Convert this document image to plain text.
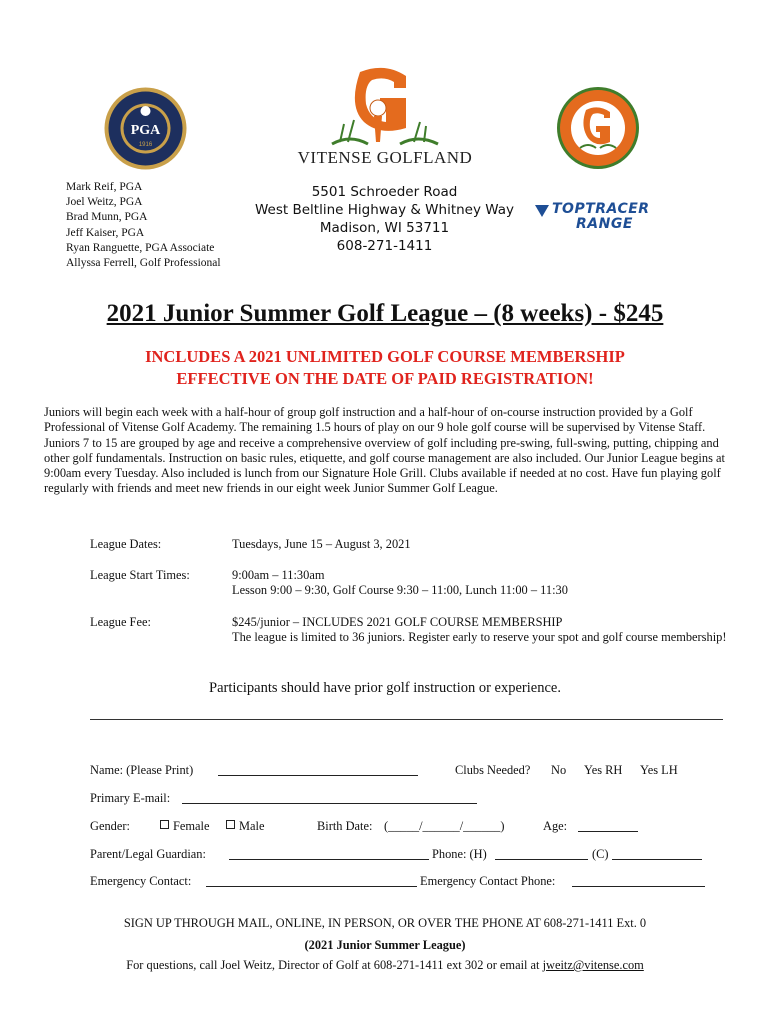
PGA
1916
VITENSE GOLFLAND
TOPTRACER
RANGE
Mark Reif, PGA
Joel Weitz, PGA
Brad Munn, PGA
Jeff Kaiser, PGA
Ryan Ranguette, PGA Associate
Allyssa Ferrell, Golf Professional
5501 Schroeder Road
West Beltline Highway & Whitney Way
Madison, WI 53711
608-271-1411
2021 Junior Summer Golf League – (8 weeks) - $245
INCLUDES A 2021 UNLIMITED GOLF COURSE MEMBERSHIP
EFFECTIVE ON THE DATE OF PAID REGISTRATION!
Juniors will begin each week with a half-hour of group golf instruction and a half-hour of on-course instruction provided by a Golf Professional of Vitense Golf Academy. The remaining 1.5 hours of play on our 9 hole golf course will be supervised by Vitense Staff. Juniors 7 to 15 are grouped by age and receive a comprehensive overview of golf including pre-swing, full-swing, putting, chipping and other golf fundamentals. Instruction on basic rules, etiquette, and golf course management are also included. Our Junior League begins at 9:00am every Tuesday. Also included is lunch from our Signature Hole Grill. Clubs available if needed at no cost. Have fun playing golf regularly with friends and meet new friends in our eight week Junior Summer Golf League.
League Dates:	Tuesdays, June 15 – August 3, 2021
League Start Times:	9:00am – 11:30am
Lesson 9:00 – 9:30, Golf Course 9:30 – 11:00, Lunch 11:00 – 11:30
League Fee:	$245/junior – INCLUDES 2021 GOLF COURSE MEMBERSHIP
The league is limited to 36 juniors. Register early to reserve your spot and golf course membership!
Participants should have prior golf instruction or experience.
Name: (Please Print)	Clubs Needed? No Yes RH Yes LH
Primary E-mail:
Gender:	Female	Male	Birth Date: (_____/______/______)	Age:
Parent/Legal Guardian:	Phone: (H)	(C)
Emergency Contact:	Emergency Contact Phone:
SIGN UP THROUGH MAIL, ONLINE, IN PERSON, OR OVER THE PHONE AT 608-271-1411 Ext. 0
(2021 Junior Summer League)
For questions, call Joel Weitz, Director of Golf at 608-271-1411 ext 302 or email at jweitz@vitense.com
